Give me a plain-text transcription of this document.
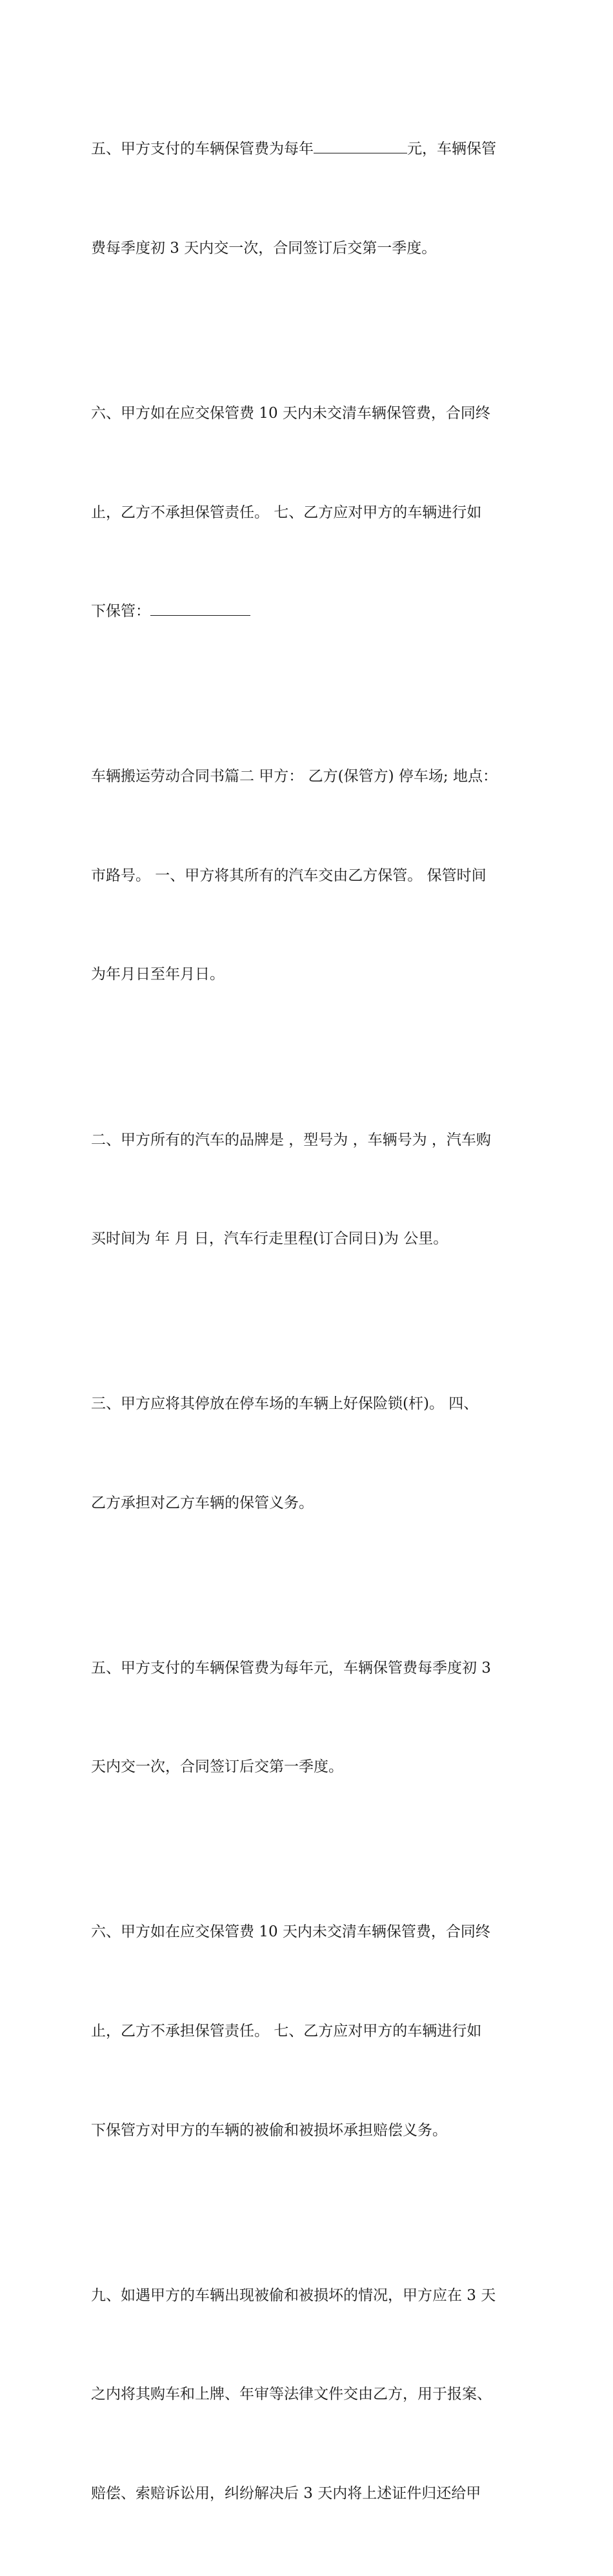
五、甲方支付的车辆保管费为每年	元，车辆保管

费每季度初 3 天内交一次，合同签订后交第一季度。

六、甲方如在应交保管费 10 天内未交清车辆保管费，合同终

止，乙方不承担保管责任。 七、乙方应对甲方的车辆进行如

下保管：

车辆搬运劳动合同书篇二 甲方： 乙方(保管方) 停车场; 地点：

市路号。 一、甲方将其所有的汽车交由乙方保管。 保管时间

为年月日至年月日。

二、甲方所有的汽车的品牌是 ，型号为 ，车辆号为 ，汽车购

买时间为 年 月 日，汽车行走里程(订合同日)为 公里。

三、甲方应将其停放在停车场的车辆上好保险锁(杆)。 四、

乙方承担对乙方车辆的保管义务。

五、甲方支付的车辆保管费为每年元，车辆保管费每季度初 3

天内交一次，合同签订后交第一季度。

六、甲方如在应交保管费 10 天内未交清车辆保管费，合同终

止，乙方不承担保管责任。 七、乙方应对甲方的车辆进行如

下保管方对甲方的车辆的被偷和被损坏承担赔偿义务。

九、如遇甲方的车辆出现被偷和被损坏的情况，甲方应在 3 天

之内将其购车和上牌、年审等法律文件交由乙方，用于报案、

赔偿、索赔诉讼用，纠纷解决后 3 天内将上述证件归还给甲
